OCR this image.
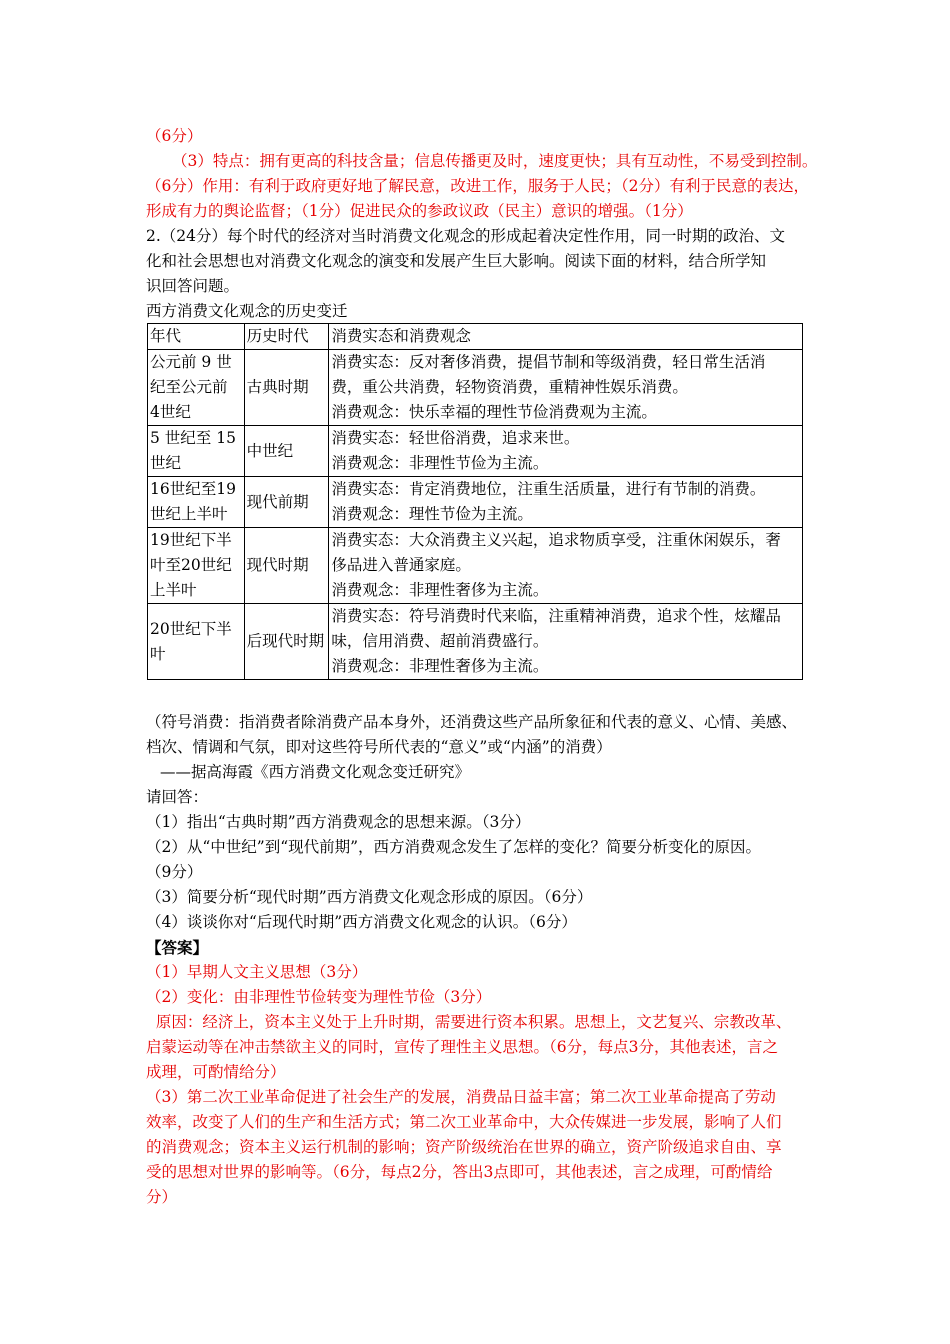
（6分）
（3）特点：拥有更高的科技含量；信息传播更及时，速度更快；具有互动性，不易受到控制。
（6分）作用：有利于政府更好地了解民意，改进工作，服务于人民；（2分）有利于民意的表达，
形成有力的舆论监督；（1分）促进民众的参政议政（民主）意识的增强。（1分）
2.（24分）每个时代的经济对当时消费文化观念的形成起着决定性作用，同一时期的政治、文
化和社会思想也对消费文化观念的演变和发展产生巨大影响。阅读下面的材料，结合所学知
识回答问题。
西方消费文化观念的历史变迁
年代	历史时代	消费实态和消费观念

公元前 9 世
纪至公元前
4世纪	古典时期	消费实态：反对奢侈消费，提倡节制和等级消费，轻日常生活消
费，重公共消费，轻物资消费，重精神性娱乐消费。
消费观念：快乐幸福的理性节俭消费观为主流。

5 世纪至 15
世纪	中世纪	消费实态：轻世俗消费，追求来世。
消费观念：非理性节俭为主流。

16世纪至19
世纪上半叶	现代前期	消费实态：肯定消费地位，注重生活质量，进行有节制的消费。
消费观念：理性节俭为主流。

19世纪下半
叶至20世纪
上半叶	现代时期	消费实态：大众消费主义兴起，追求物质享受，注重休闲娱乐，奢
侈品进入普通家庭。
消费观念：非理性奢侈为主流。

20世纪下半
叶	后现代时期	消费实态：符号消费时代来临，注重精神消费，追求个性，炫耀品
味，信用消费、超前消费盛行。
消费观念：非理性奢侈为主流。
（符号消费：指消费者除消费产品本身外，还消费这些产品所象征和代表的意义、心情、美感、
档次、情调和气氛，即对这些符号所代表的“意义”或“内涵”的消费）
——据高海霞《西方消费文化观念变迁研究》
请回答：
（1）指出“古典时期”西方消费观念的思想来源。（3分）
（2）从“中世纪”到“现代前期”，西方消费观念发生了怎样的变化？简要分析变化的原因。
（9分）
（3）简要分析“现代时期”西方消费文化观念形成的原因。（6分）
（4）谈谈你对“后现代时期”西方消费文化观念的认识。（6分）
【答案】
（1）早期人文主义思想（3分）
（2）变化：由非理性节俭转变为理性节俭（3分）
原因：经济上，资本主义处于上升时期，需要进行资本积累。思想上，文艺复兴、宗教改革、
启蒙运动等在冲击禁欲主义的同时，宣传了理性主义思想。（6分，每点3分，其他表述，言之
成理，可酌情给分）
（3）第二次工业革命促进了社会生产的发展，消费品日益丰富；第二次工业革命提高了劳动
效率，改变了人们的生产和生活方式；第二次工业革命中，大众传媒进一步发展，影响了人们
的消费观念；资本主义运行机制的影响；资产阶级统治在世界的确立，资产阶级追求自由、享
受的思想对世界的影响等。（6分，每点2分，答出3点即可，其他表述，言之成理，可酌情给
分）
